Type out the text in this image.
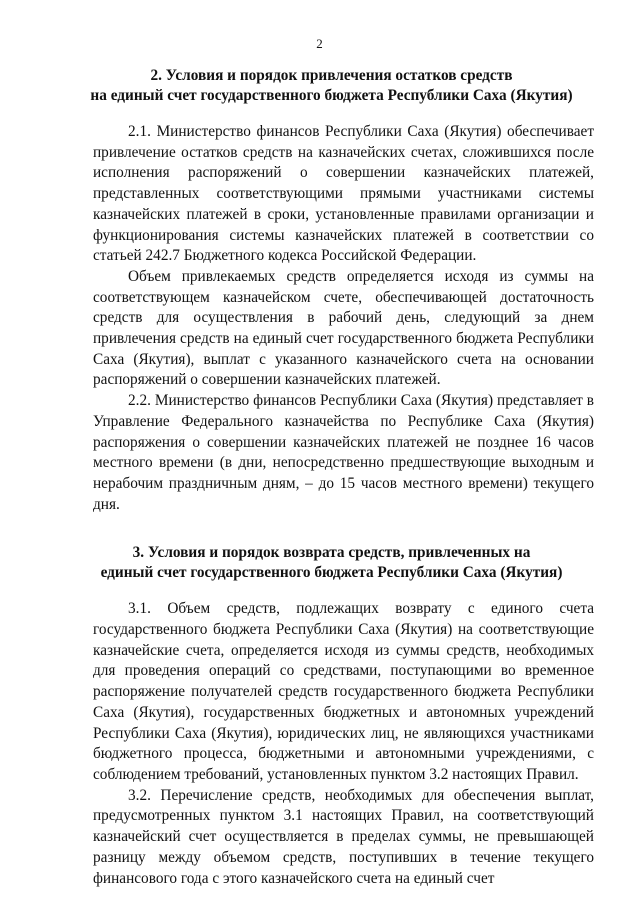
2

2. Условия и порядок привлечения остатков средств

на единый счет государственного бюджета Республики Саха (Якутия)

2.1. Министерство финансов Республики Саха (Якутия) обеспечивает привлечение остатков средств на казначейских счетах, сложившихся после исполнения распоряжений о совершении казначейских платежей, представленных соответствующими прямыми участниками системы казначейских платежей в сроки, установленные правилами организации и функционирования системы казначейских платежей в соответствии со статьей 242.7 Бюджетного кодекса Российской Федерации.

Объем привлекаемых средств определяется исходя из суммы на соответствующем казначейском счете, обеспечивающей достаточность средств для осуществления в рабочий день, следующий за днем привлечения средств на единый счет государственного бюджета Республики Саха (Якутия), выплат с указанного казначейского счета на основании распоряжений о совершении казначейских платежей.

2.2. Министерство финансов Республики Саха (Якутия) представляет в Управление Федерального казначейства по Республике Саха (Якутия) распоряжения о совершении казначейских платежей не позднее 16 часов местного времени (в дни, непосредственно предшествующие выходным и нерабочим праздничным дням, – до 15 часов местного времени) текущего дня.

3. Условия и порядок возврата средств, привлеченных на

единый счет государственного бюджета Республики Саха (Якутия)

3.1. Объем средств, подлежащих возврату с единого счета государственного бюджета Республики Саха (Якутия) на соответствующие казначейские счета, определяется исходя из суммы средств, необходимых для проведения операций со средствами, поступающими во временное распоряжение получателей средств государственного бюджета Республики Саха (Якутия), государственных бюджетных и автономных учреждений Республики Саха (Якутия), юридических лиц, не являющихся участниками бюджетного процесса, бюджетными и автономными учреждениями, с соблюдением требований, установленных пунктом 3.2 настоящих Правил.

3.2. Перечисление средств, необходимых для обеспечения выплат, предусмотренных пунктом 3.1 настоящих Правил, на соответствующий казначейский счет осуществляется в пределах суммы, не превышающей разницу между объемом средств, поступивших в течение текущего финансового года с этого казначейского счета на единый счет
